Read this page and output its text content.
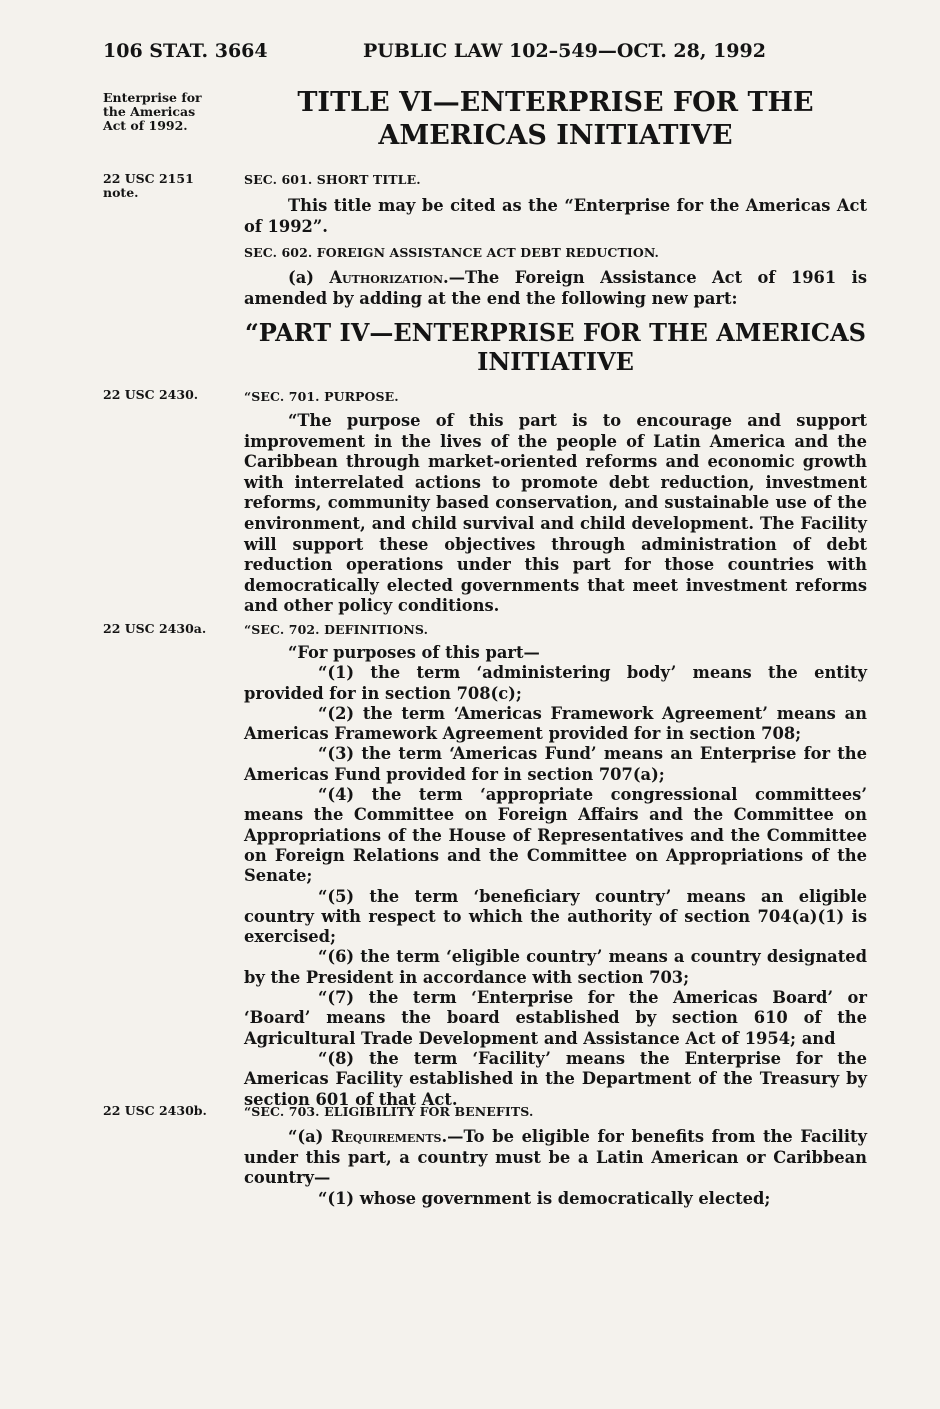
106 STAT. 3664	PUBLIC LAW 102–549—OCT. 28, 1992
Enterprise for
the Americas
Act of 1992.
22 USC 2151
note.
22 USC 2430.
22 USC 2430a.
22 USC 2430b.
TITLE VI—ENTERPRISE FOR THE
AMERICAS INITIATIVE
SEC. 601. SHORT TITLE.

This title may be cited as the “Enterprise for the Americas Act of 1992”.

SEC. 602. FOREIGN ASSISTANCE ACT DEBT REDUCTION.

(a) Authorization.—The Foreign Assistance Act of 1961 is amended by adding at the end the following new part:

“PART IV—ENTERPRISE FOR THE AMERICAS
INITIATIVE
“SEC. 701. PURPOSE.

“The purpose of this part is to encourage and support improvement in the lives of the people of Latin America and the Caribbean through market-oriented reforms and economic growth with interrelated actions to promote debt reduction, investment reforms, community based conservation, and sustainable use of the environment, and child survival and child development. The Facility will support these objectives through administration of debt reduction operations under this part for those countries with democratically elected governments that meet investment reforms and other policy conditions.

“SEC. 702. DEFINITIONS.

“For purposes of this part—

“(1) the term ‘administering body’ means the entity provided for in section 708(c);

“(2) the term ‘Americas Framework Agreement’ means an Americas Framework Agreement provided for in section 708;

“(3) the term ‘Americas Fund’ means an Enterprise for the Americas Fund provided for in section 707(a);

“(4) the term ‘appropriate congressional committees’ means the Committee on Foreign Affairs and the Committee on Appropriations of the House of Representatives and the Committee on Foreign Relations and the Committee on Appropriations of the Senate;

“(5) the term ‘beneficiary country’ means an eligible country with respect to which the authority of section 704(a)(1) is exercised;

“(6) the term ‘eligible country’ means a country designated by the President in accordance with section 703;

“(7) the term ‘Enterprise for the Americas Board’ or ‘Board’ means the board established by section 610 of the Agricultural Trade Development and Assistance Act of 1954; and

“(8) the term ‘Facility’ means the Enterprise for the Americas Facility established in the Department of the Treasury by section 601 of that Act.

“SEC. 703. ELIGIBILITY FOR BENEFITS.

“(a) Requirements.—To be eligible for benefits from the Facility under this part, a country must be a Latin American or Caribbean country—

“(1) whose government is democratically elected;
